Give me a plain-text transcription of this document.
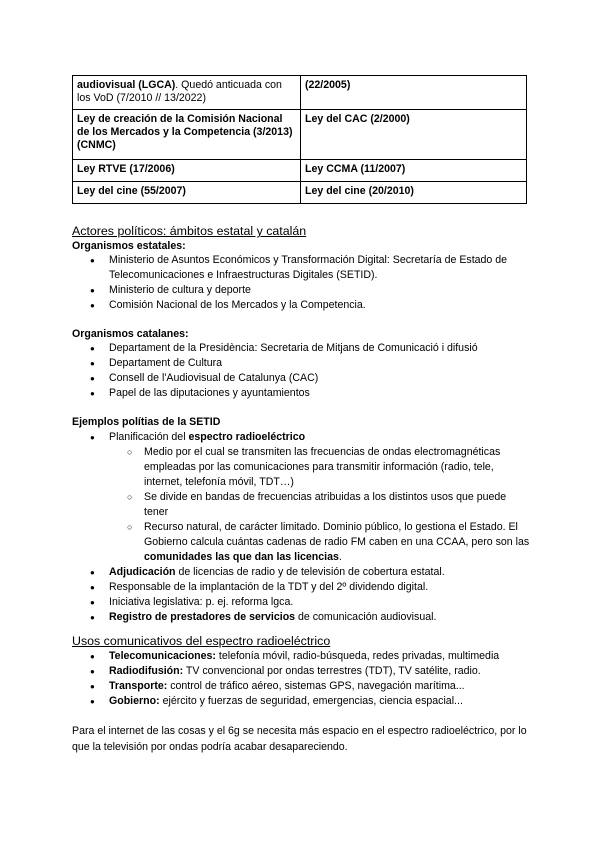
audiovisual (LGCA). Quedó anticuada con los VoD (7/2010 // 13/2022)	(22/2005)
Ley de creación de la Comisión Nacional de los Mercados y la Competencia (3/2013) (CNMC)	Ley del CAC (2/2000)
Ley RTVE (17/2006)	Ley CCMA (11/2007)
Ley del cine (55/2007)	Ley del cine (20/2010)
Actores políticos: ámbitos estatal y catalán
Organismos estatales:
● Ministerio de Asuntos Económicos y Transformación Digital: Secretaría de Estado de Telecomunicaciones e Infraestructuras Digitales (SETID).
● Ministerio de cultura y deporte
● Comisión Nacional de los Mercados y la Competencia.
Organismos catalanes:
● Departament de la Presidència: Secretaria de Mitjans de Comunicació i difusió
● Departament de Cultura
● Consell de l'Audiovisual de Catalunya (CAC)
● Papel de las diputaciones y ayuntamientos
Ejemplos polítias de la SETID
● Planificación del espectro radioeléctrico
○ Medio por el cual se transmiten las frecuencias de ondas electromagnéticas empleadas por las comunicaciones para transmitir información (radio, tele, internet, telefonía móvil, TDT…)
○ Se divide en bandas de frecuencias atribuidas a los distintos usos que puede tener
○ Recurso natural, de carácter limitado. Dominio público, lo gestiona el Estado. El Gobierno calcula cuántas cadenas de radio FM caben en una CCAA, pero son las comunidades las que dan las licencias.
● Adjudicación de licencias de radio y de televisión de cobertura estatal.
● Responsable de la implantación de la TDT y del 2º dividendo digital.
● Iniciativa legislativa: p. ej. reforma lgca.
● Registro de prestadores de servicios de comunicación audiovisual.
Usos comunicativos del espectro radioeléctrico
● Telecomunicaciones: telefonía móvil, radio-búsqueda, redes privadas, multimedia
● Radiodifusión: TV convencional por ondas terrestres (TDT), TV satélite, radio.
● Transporte: control de tráfico aéreo, sistemas GPS, navegación marítima...
● Gobierno: ejército y fuerzas de seguridad, emergencias, ciencia espacial...
Para el internet de las cosas y el 6g se necesita más espacio en el espectro radioeléctrico, por lo que la televisión por ondas podría acabar desapareciendo.
